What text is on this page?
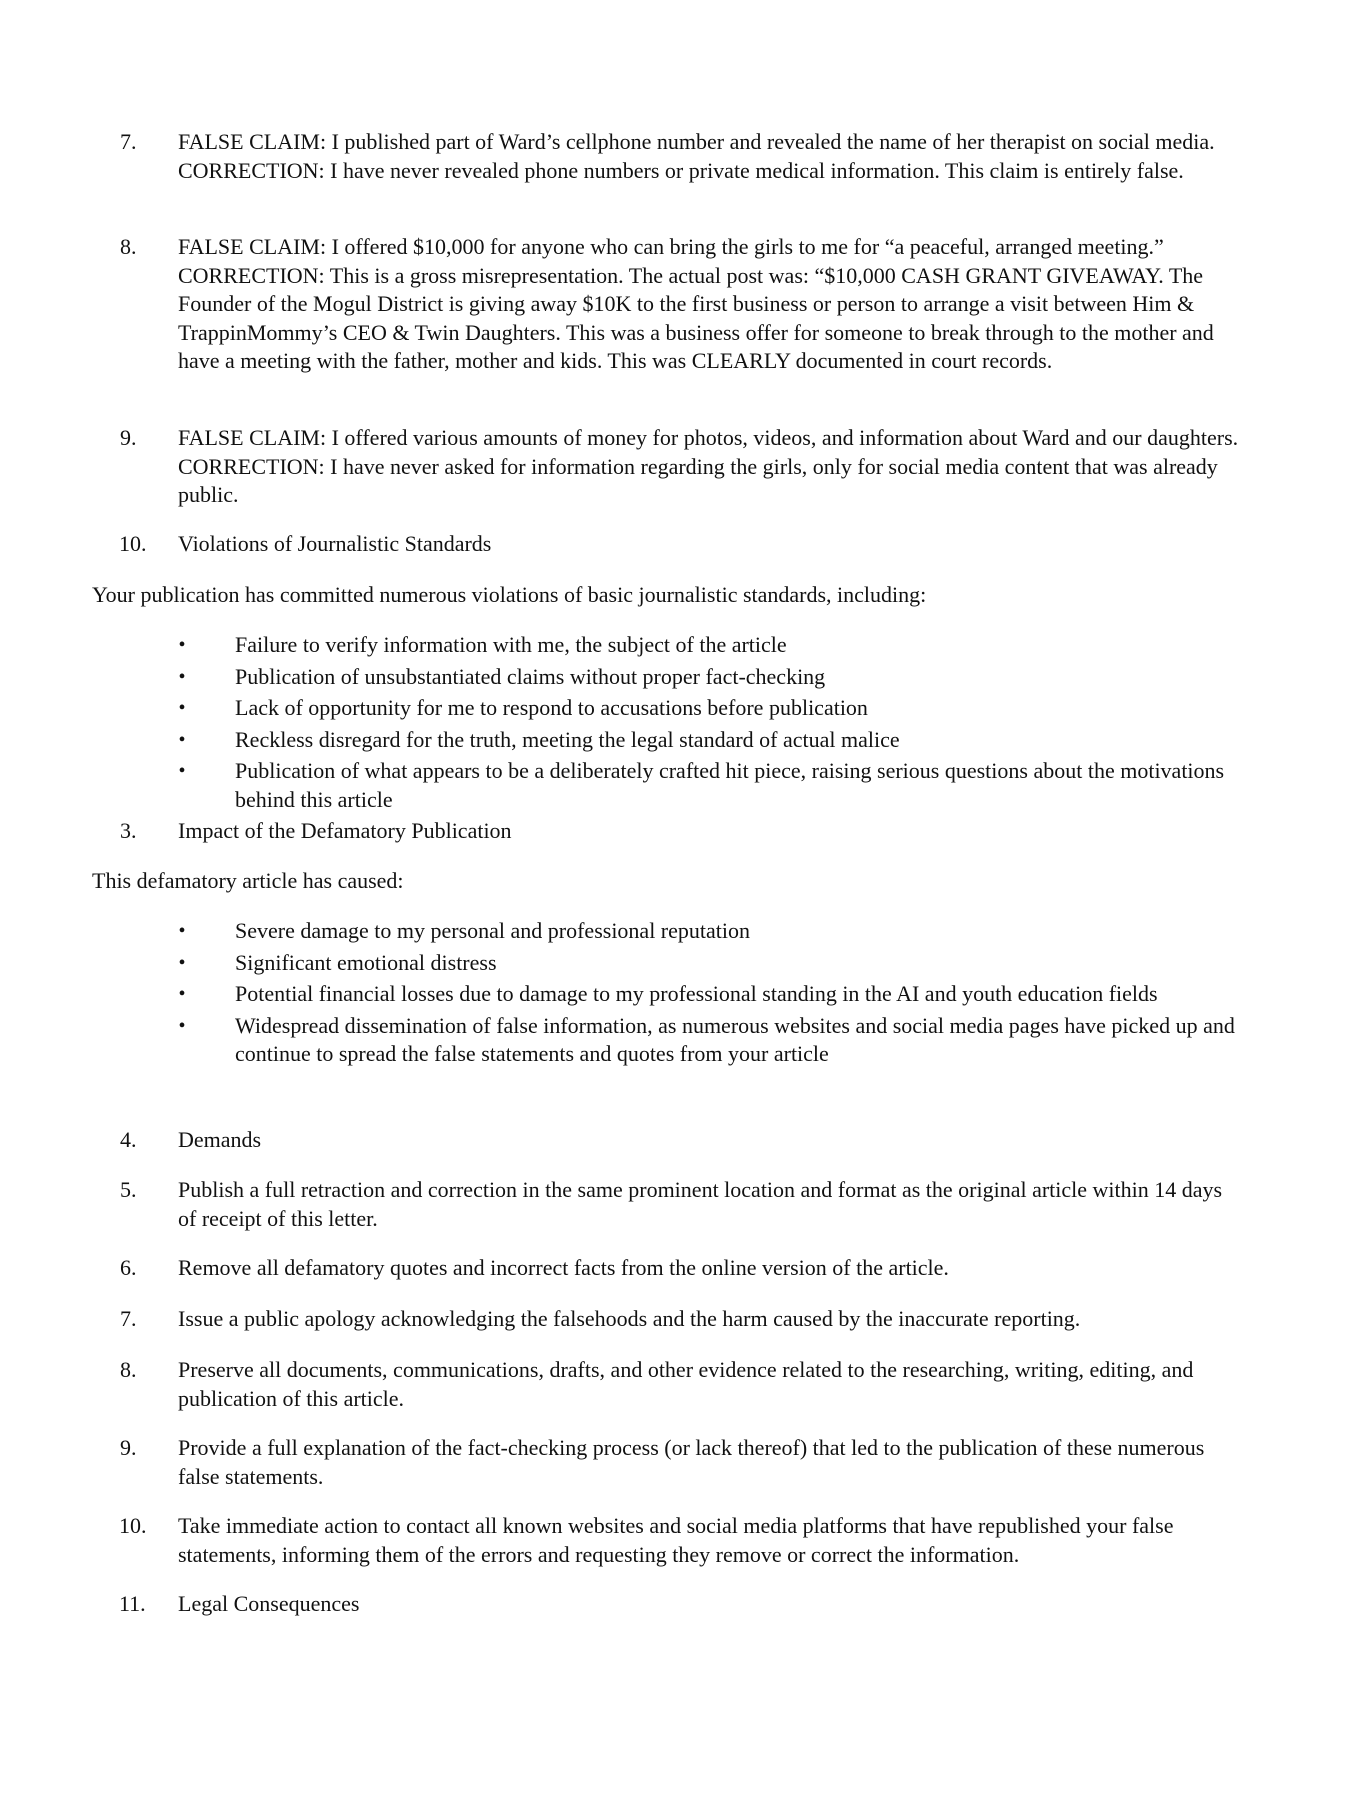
7.	FALSE CLAIM: I published part of Ward’s cellphone number and revealed the name of her therapist on social media. CORRECTION: I have never revealed phone numbers or private medical information. This claim is entirely false.
8.	FALSE CLAIM: I offered $10,000 for anyone who can bring the girls to me for “a peaceful, arranged meeting.” CORRECTION: This is a gross misrepresentation. The actual post was: “$10,000 CASH GRANT GIVEAWAY. The Founder of the Mogul District is giving away $10K to the first business or person to arrange a visit between Him & TrappinMommy’s CEO & Twin Daughters. This was a business offer for someone to break through to the mother and have a meeting with the father, mother and kids. This was CLEARLY documented in court records.
9.	FALSE CLAIM: I offered various amounts of money for photos, videos, and information about Ward and our daughters. CORRECTION: I have never asked for information regarding the girls, only for social media content that was already public.
10.	Violations of Journalistic Standards
Your publication has committed numerous violations of basic journalistic standards, including:
• Failure to verify information with me, the subject of the article
• Publication of unsubstantiated claims without proper fact-checking
• Lack of opportunity for me to respond to accusations before publication
• Reckless disregard for the truth, meeting the legal standard of actual malice
• Publication of what appears to be a deliberately crafted hit piece, raising serious questions about the motivations behind this article
3.	Impact of the Defamatory Publication
This defamatory article has caused:
• Severe damage to my personal and professional reputation
• Significant emotional distress
• Potential financial losses due to damage to my professional standing in the AI and youth education fields
• Widespread dissemination of false information, as numerous websites and social media pages have picked up and continue to spread the false statements and quotes from your article
4.	Demands
5.	Publish a full retraction and correction in the same prominent location and format as the original article within 14 days of receipt of this letter.
6.	Remove all defamatory quotes and incorrect facts from the online version of the article.
7.	Issue a public apology acknowledging the falsehoods and the harm caused by the inaccurate reporting.
8.	Preserve all documents, communications, drafts, and other evidence related to the researching, writing, editing, and publication of this article.
9.	Provide a full explanation of the fact-checking process (or lack thereof) that led to the publication of these numerous false statements.
10.	Take immediate action to contact all known websites and social media platforms that have republished your false statements, informing them of the errors and requesting they remove or correct the information.
11.	Legal Consequences
